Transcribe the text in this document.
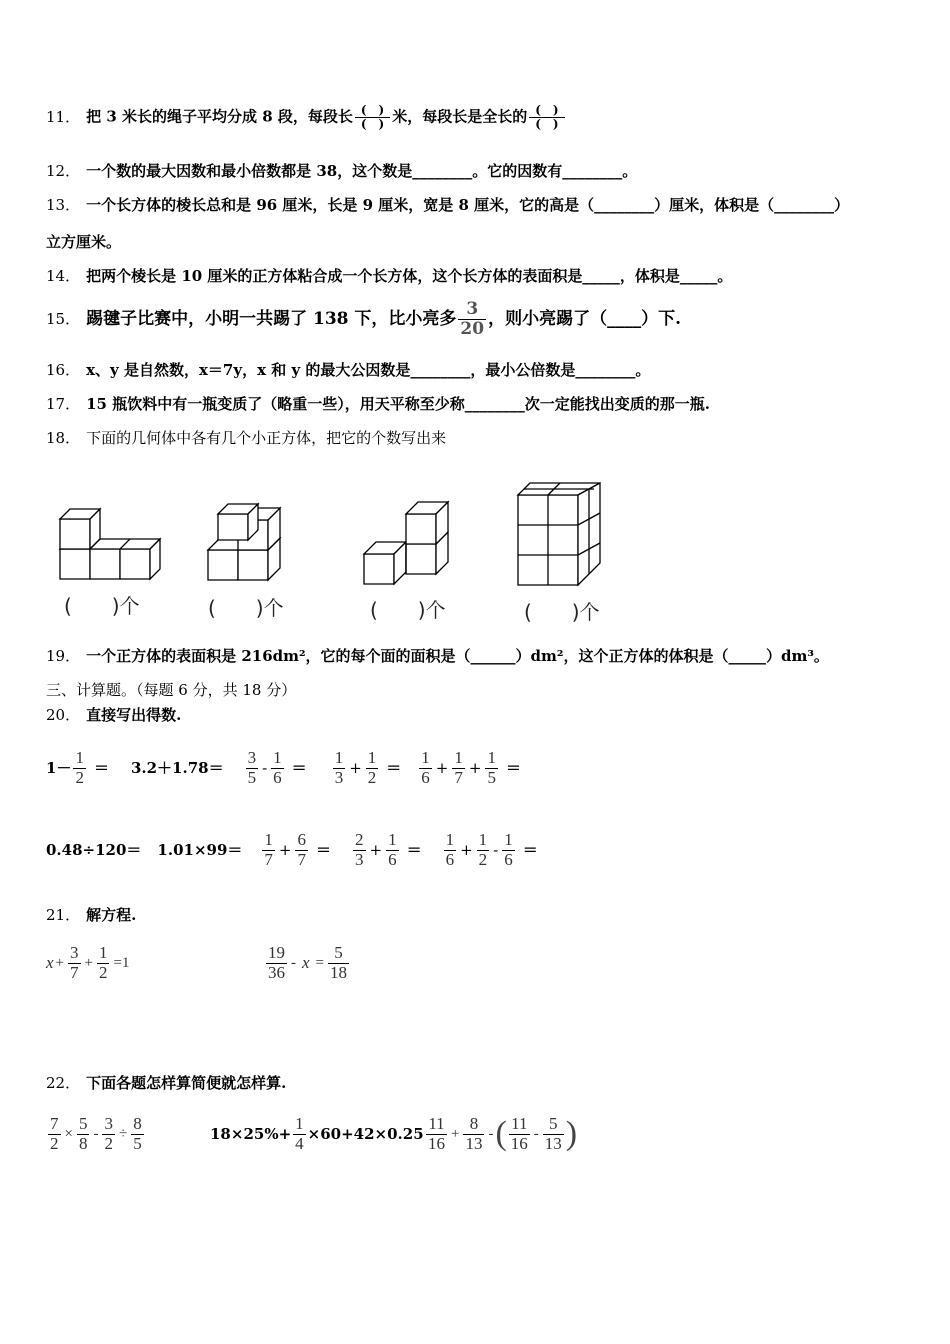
11． 把 3 米长的绳子平均分成 8 段，每段长 $\frac{( )}{( )}$ 米，每段长是全长的 $\frac{( )}{( )}$
12． 一个数的最大因数和最小倍数都是 38，这个数是________。它的因数有________。
13． 一个长方体的棱长总和是 96 厘米，长是 9 厘米，宽是 8 厘米，它的高是（________）厘米，体积是（________）
立方厘米。
14． 把两个棱长是 10 厘米的正方体粘合成一个长方体，这个长方体的表面积是_____，体积是_____。
15． 踢毽子比赛中，小明一共踢了 138 下，比小亮多 $\frac{3}{20}$ ，则小亮踢了（____）下.
16． x、y 是自然数，x＝7y，x 和 y 的最大公因数是________，最小公倍数是________。
17． 15 瓶饮料中有一瓶变质了（略重一些），用天平称至少称________次一定能找出变质的那一瓶.
18． 下面的几何体中各有几个小正方体，把它的个数写出来
(　　)个	(　　)个	(　　)个	(　　)个
19． 一个正方体的表面积是 216dm²，它的每个面的面积是（______）dm²，这个正方体的体积是（_____）dm³。
三、计算题。（每题 6 分，共 18 分）
20． 直接写出得数.
$1- \frac{1}{2} = 3.2+1.78= \frac{3}{5} - \frac{1}{6} = \frac{1}{3} + \frac{1}{2} = \frac{1}{6} + \frac{1}{7} + \frac{1}{5}$ ＝
$0.48\div 120= 1.01\times 99= \frac{1}{7} + \frac{6}{7} = \frac{2}{3} + \frac{1}{6} = \frac{1}{6} + \frac{1}{2} - \frac{1}{6}$ ＝
21． 解方程.
$x + \frac{3}{7} + \frac{1}{2} =1$	$\frac{19}{36} - x = \frac{5}{18}$
22． 下面各题怎样算简便就怎样算.
$\frac{7}{2} \times \frac{5}{8} - \frac{3}{2} \div \frac{8}{5}$	$18\times 25\%+ \frac{1}{4} \times 60+42\times 0.25 \frac{11}{16} + \frac{8}{13}$ - ( $\frac{11}{16} - \frac{5}{13}$ )
